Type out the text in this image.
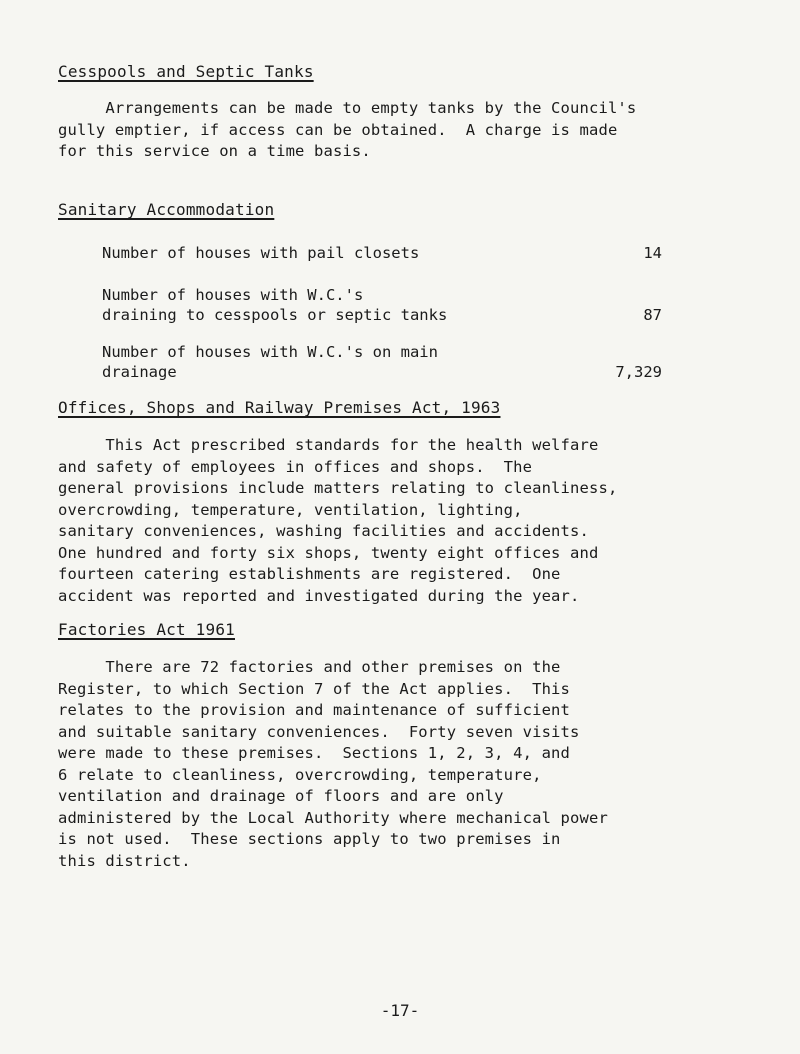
Cesspools and Septic Tanks

Arrangements can be made to empty tanks by the Council's
gully emptier, if access can be obtained.  A charge is made
for this service on a time basis.

Sanitary Accommodation
Number of houses with pail closets	14
Number of houses with W.C.'s
draining to cesspools or septic tanks	87
Number of houses with W.C.'s on main
drainage	7,329
Offices, Shops and Railway Premises Act, 1963

This Act prescribed standards for the health welfare
and safety of employees in offices and shops.  The
general provisions include matters relating to cleanliness,
overcrowding, temperature, ventilation, lighting,
sanitary conveniences, washing facilities and accidents.
One hundred and forty six shops, twenty eight offices and
fourteen catering establishments are registered.  One
accident was reported and investigated during the year.

Factories Act 1961

There are 72 factories and other premises on the
Register, to which Section 7 of the Act applies.  This
relates to the provision and maintenance of sufficient
and suitable sanitary conveniences.  Forty seven visits
were made to these premises.  Sections 1, 2, 3, 4, and
6 relate to cleanliness, overcrowding, temperature,
ventilation and drainage of floors and are only
administered by the Local Authority where mechanical power
is not used.  These sections apply to two premises in
this district.

-17-
